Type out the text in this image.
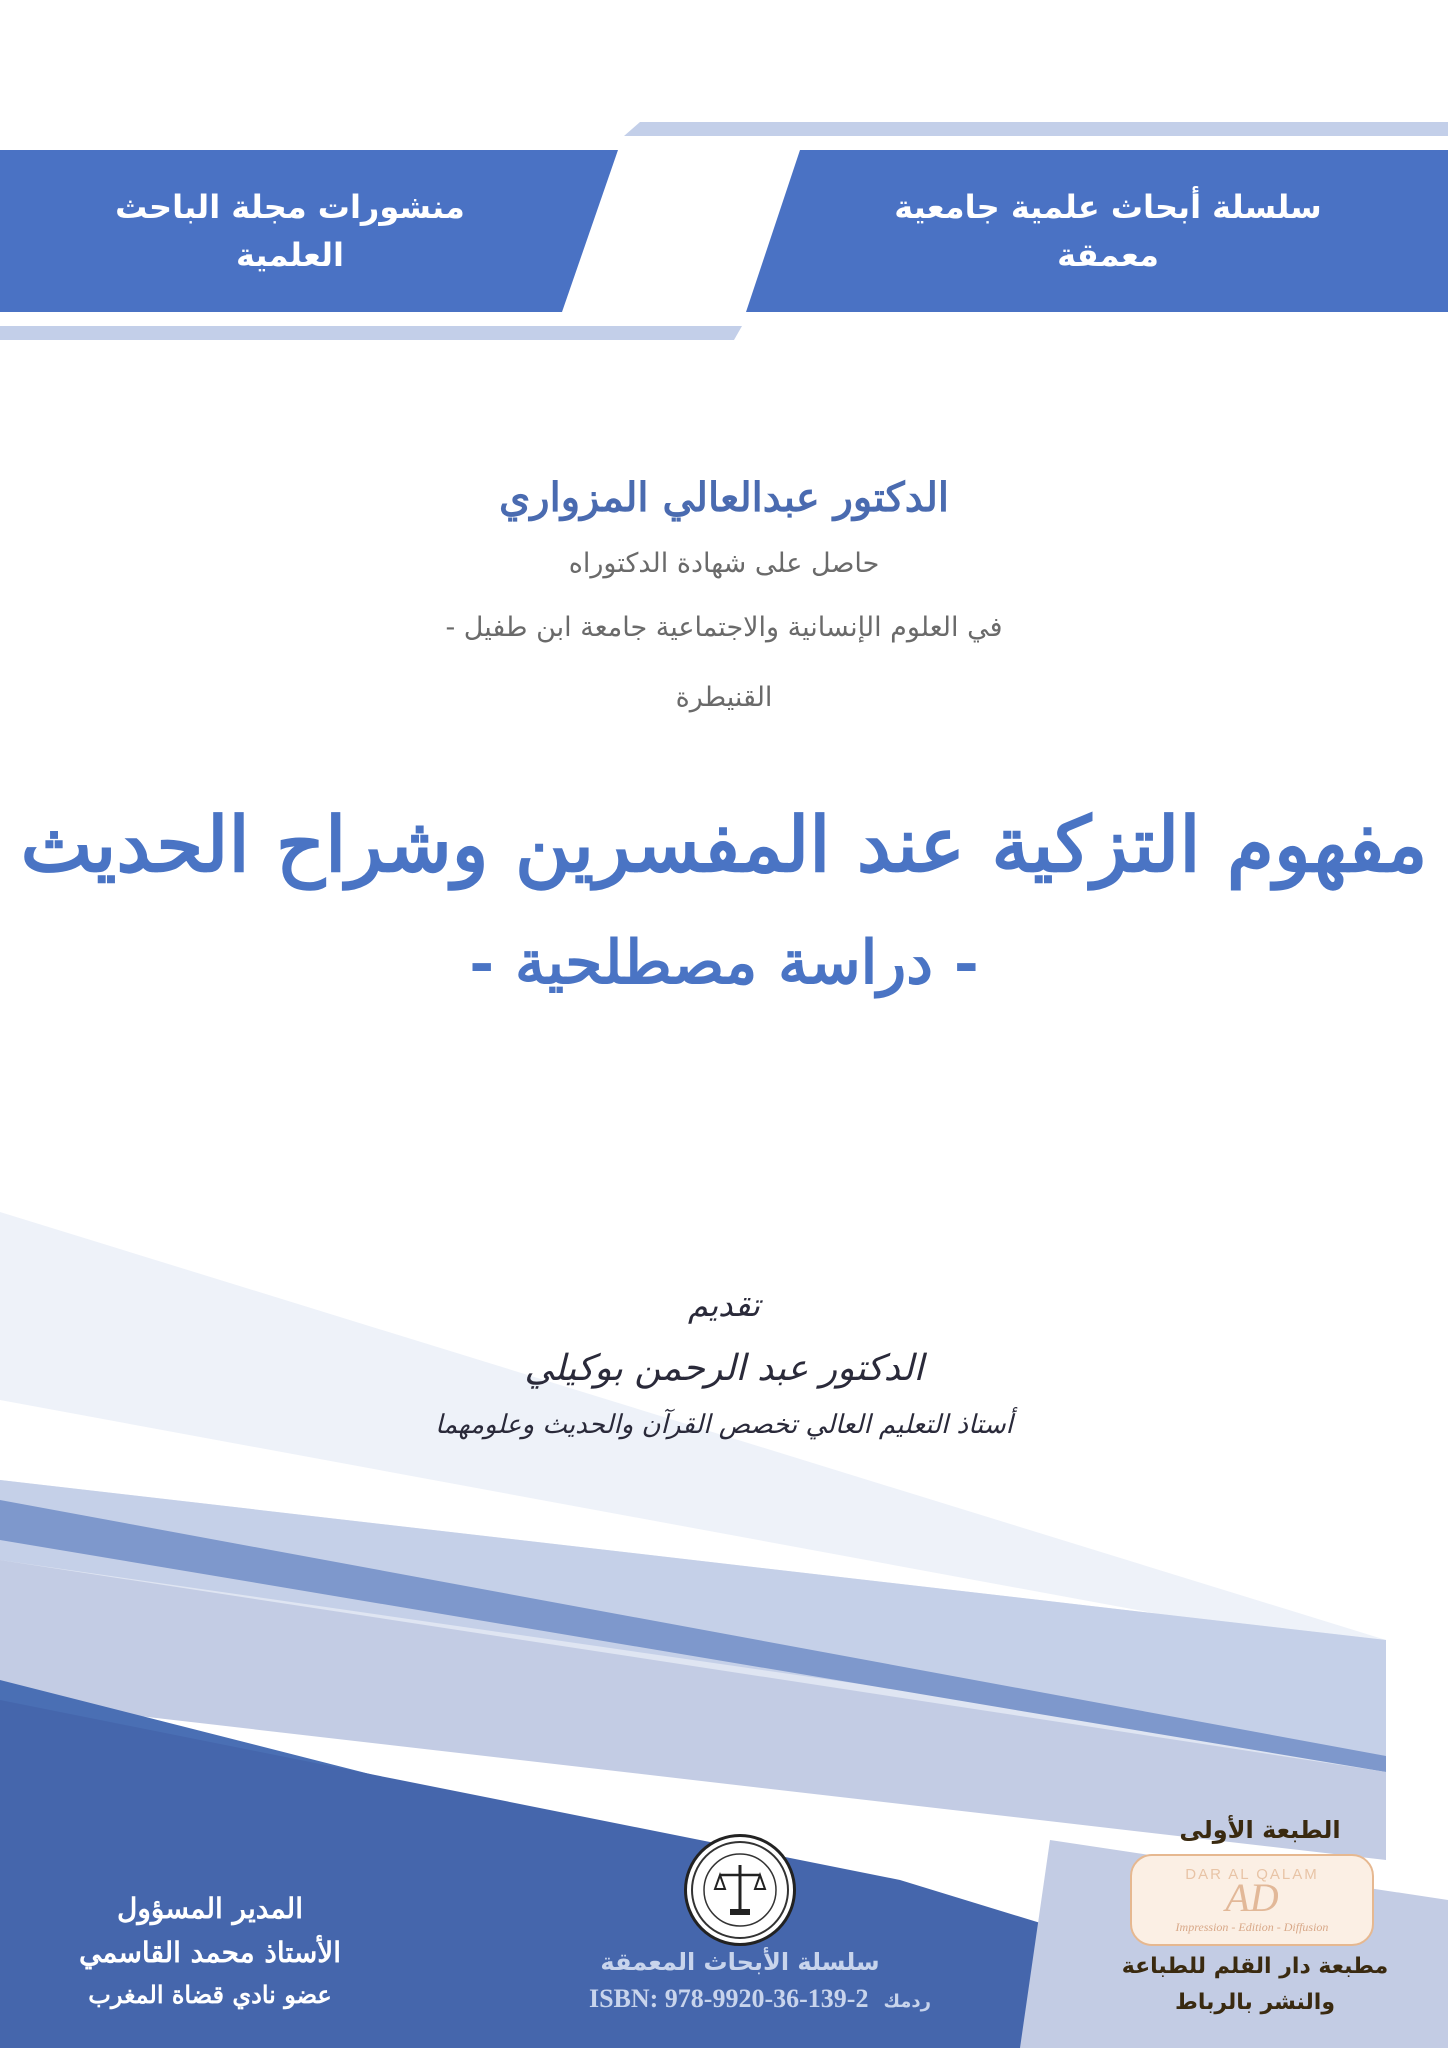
سلسلة أبحاث علمية جامعية
معمقة
العدد
122
منشورات مجلة الباحث
العلمية
الدكتور عبدالعالي المزواري
حاصل على شهادة الدكتوراه
في العلوم الإنسانية والاجتماعية جامعة ابن طفيل -
القنيطرة
مفهوم التزكية عند المفسرين وشراح الحديث
- دراسة مصطلحية -
تقديم
الدكتور عبد الرحمن بوكيلي
أستاذ التعليم العالي تخصص القرآن والحديث وعلومهما
الطبعة الأولى
DAR AL QALAM
AD
Impression - Edition - Diffusion
مطبعة دار القلم للطباعة
والنشر بالرباط
سلسلة الأبحاث المعمقة
ISBN: 978-9920-36-139-2 ردمك
المدير المسؤول
الأستاذ محمد القاسمي
عضو نادي قضاة المغرب
